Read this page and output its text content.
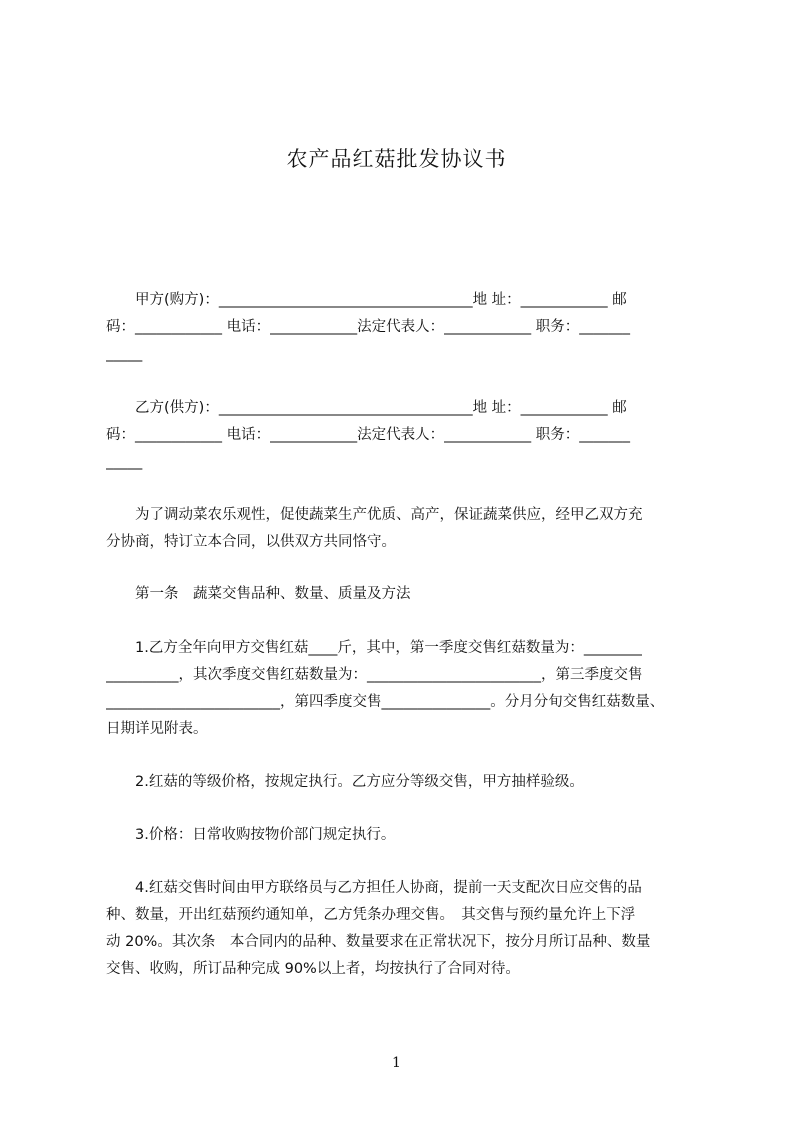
农产品红菇批发协议书
　　甲方(购方)：___________________________________地 址：____________ 邮
码：____________ 电话：____________法定代表人：____________ 职务：_______
_____
　　乙方(供方)：___________________________________地 址：____________ 邮
码：____________ 电话：____________法定代表人：____________ 职务：_______
_____
　　为了调动菜农乐观性，促使蔬菜生产优质、高产，保证蔬菜供应，经甲乙双方充
分协商，特订立本合同，以供双方共同恪守。
　　第一条　蔬菜交售品种、数量、质量及方法
　　1.乙方全年向甲方交售红菇____斤，其中，第一季度交售红菇数量为：________
__________，其次季度交售红菇数量为：________________________，第三季度交售
________________________，第四季度交售_______________。分月分旬交售红菇数量、
日期详见附表。
　　2.红菇的等级价格，按规定执行。乙方应分等级交售，甲方抽样验级。
　　3.价格：日常收购按物价部门规定执行。
　　4.红菇交售时间由甲方联络员与乙方担任人协商，提前一天支配次日应交售的品
种、数量，开出红菇预约通知单，乙方凭条办理交售。　其交售与预约量允许上下浮
动 20%。其次条　本合同内的品种、数量要求在正常状况下，按分月所订品种、数量
交售、收购，所订品种完成 90%以上者，均按执行了合同对待。
1
